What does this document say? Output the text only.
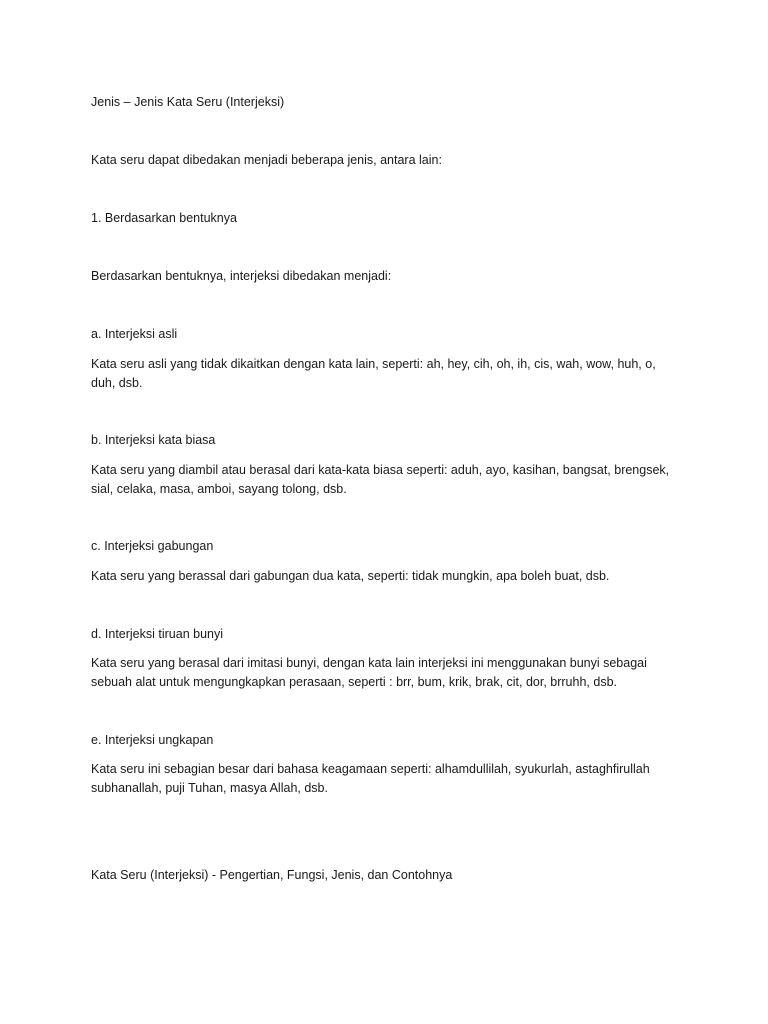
Jenis – Jenis Kata Seru (Interjeksi)
Kata seru dapat dibedakan menjadi beberapa jenis, antara lain:
1. Berdasarkan bentuknya
Berdasarkan bentuknya, interjeksi dibedakan menjadi:
a. Interjeksi asli
Kata seru asli yang tidak dikaitkan dengan kata lain, seperti: ah, hey, cih, oh, ih, cis, wah, wow, huh, o,
duh, dsb.
b. Interjeksi kata biasa
Kata seru yang diambil atau berasal dari kata-kata biasa seperti: aduh, ayo, kasihan, bangsat, brengsek,
sial, celaka, masa, amboi, sayang tolong, dsb.
c. Interjeksi gabungan
Kata seru yang berassal dari gabungan dua kata, seperti: tidak mungkin, apa boleh buat, dsb.
d. Interjeksi tiruan bunyi
Kata seru yang berasal dari imitasi bunyi, dengan kata lain interjeksi ini menggunakan bunyi sebagai
sebuah alat untuk mengungkapkan perasaan, seperti : brr, bum, krik, brak, cit, dor, brruhh, dsb.
e. Interjeksi ungkapan
Kata seru ini sebagian besar dari bahasa keagamaan seperti: alhamdullilah, syukurlah, astaghfirullah
subhanallah, puji Tuhan, masya Allah, dsb.
Kata Seru (Interjeksi) - Pengertian, Fungsi, Jenis, dan Contohnya
